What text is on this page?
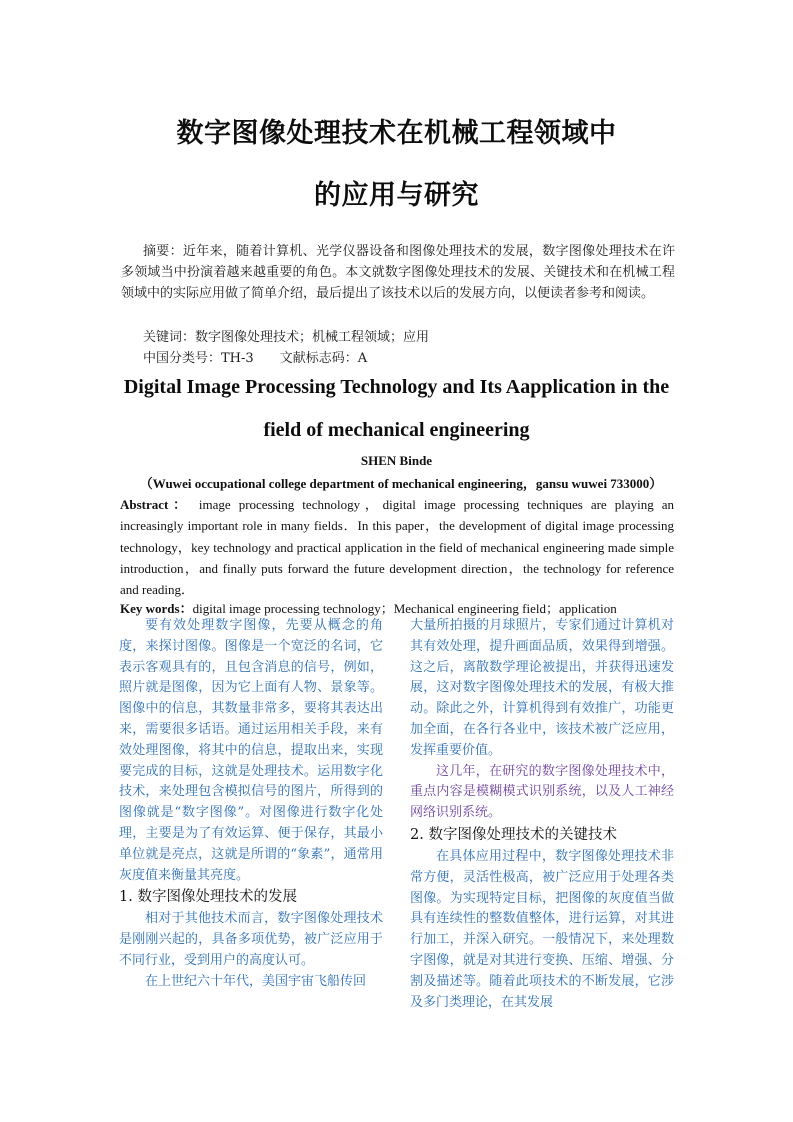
数字图像处理技术在机械工程领域中
的应用与研究
摘要：近年来，随着计算机、光学仪器设备和图像处理技术的发展，数字图像处理技术在许多领域当中扮演着越来越重要的角色。本文就数字图像处理技术的发展、关键技术和在机械工程领域中的实际应用做了简单介绍，最后提出了该技术以后的发展方向，以便读者参考和阅读。
关键词：数字图像处理技术；机械工程领域；应用
中国分类号：TH-3 文献标志码：A
Digital Image Processing Technology and Its Aapplication in the
field of mechanical engineering
SHEN Binde
（Wuwei occupational college department of mechanical engineering，gansu wuwei 733000）
Abstract： image processing technology，digital image processing techniques are playing an increasingly important role in many fields．In this paper，the development of digital image processing technology，key technology and practical application in the field of mechanical engineering made simple introduction，and finally puts forward the future development direction，the technology for reference and reading．
Key words：digital image processing technology；Mechanical engineering field；application

要有效处理数字图像，先要从概念的角度，来探讨图像。图像是一个宽泛的名词，它表示客观具有的，且包含消息的信号，例如，照片就是图像，因为它上面有人物、景象等。图像中的信息，其数量非常多，要将其表达出来，需要很多话语。通过运用相关手段，来有效处理图像，将其中的信息，提取出来，实现要完成的目标，这就是处理技术。运用数字化技术，来处理包含模拟信号的图片，所得到的图像就是“数字图像”。对图像进行数字化处理，主要是为了有效运算、便于保存，其最小单位就是亮点，这就是所谓的“象素”，通常用灰度值来衡量其亮度。

1. 数字图像处理技术的发展

相对于其他技术而言，数字图像处理技术是刚刚兴起的，具备多项优势，被广泛应用于不同行业，受到用户的高度认可。

在上世纪六十年代，美国宇宙飞船传回

大量所拍摄的月球照片，专家们通过计算机对其有效处理，提升画面品质，效果得到增强。这之后，离散数学理论被提出，并获得迅速发展，这对数字图像处理技术的发展，有极大推动。除此之外，计算机得到有效推广，功能更加全面，在各行各业中，该技术被广泛应用，发挥重要价值。

这几年，在研究的数字图像处理技术中，重点内容是模糊模式识别系统，以及人工神经网络识别系统。

2. 数字图像处理技术的关键技术

在具体应用过程中，数字图像处理技术非常方便，灵活性极高，被广泛应用于处理各类图像。为实现特定目标，把图像的灰度值当做具有连续性的整数值整体，进行运算，对其进行加工，并深入研究。一般情况下，来处理数字图像，就是对其进行变换、压缩、增强、分割及描述等。随着此项技术的不断发展，它涉及多门类理论，在其发展
